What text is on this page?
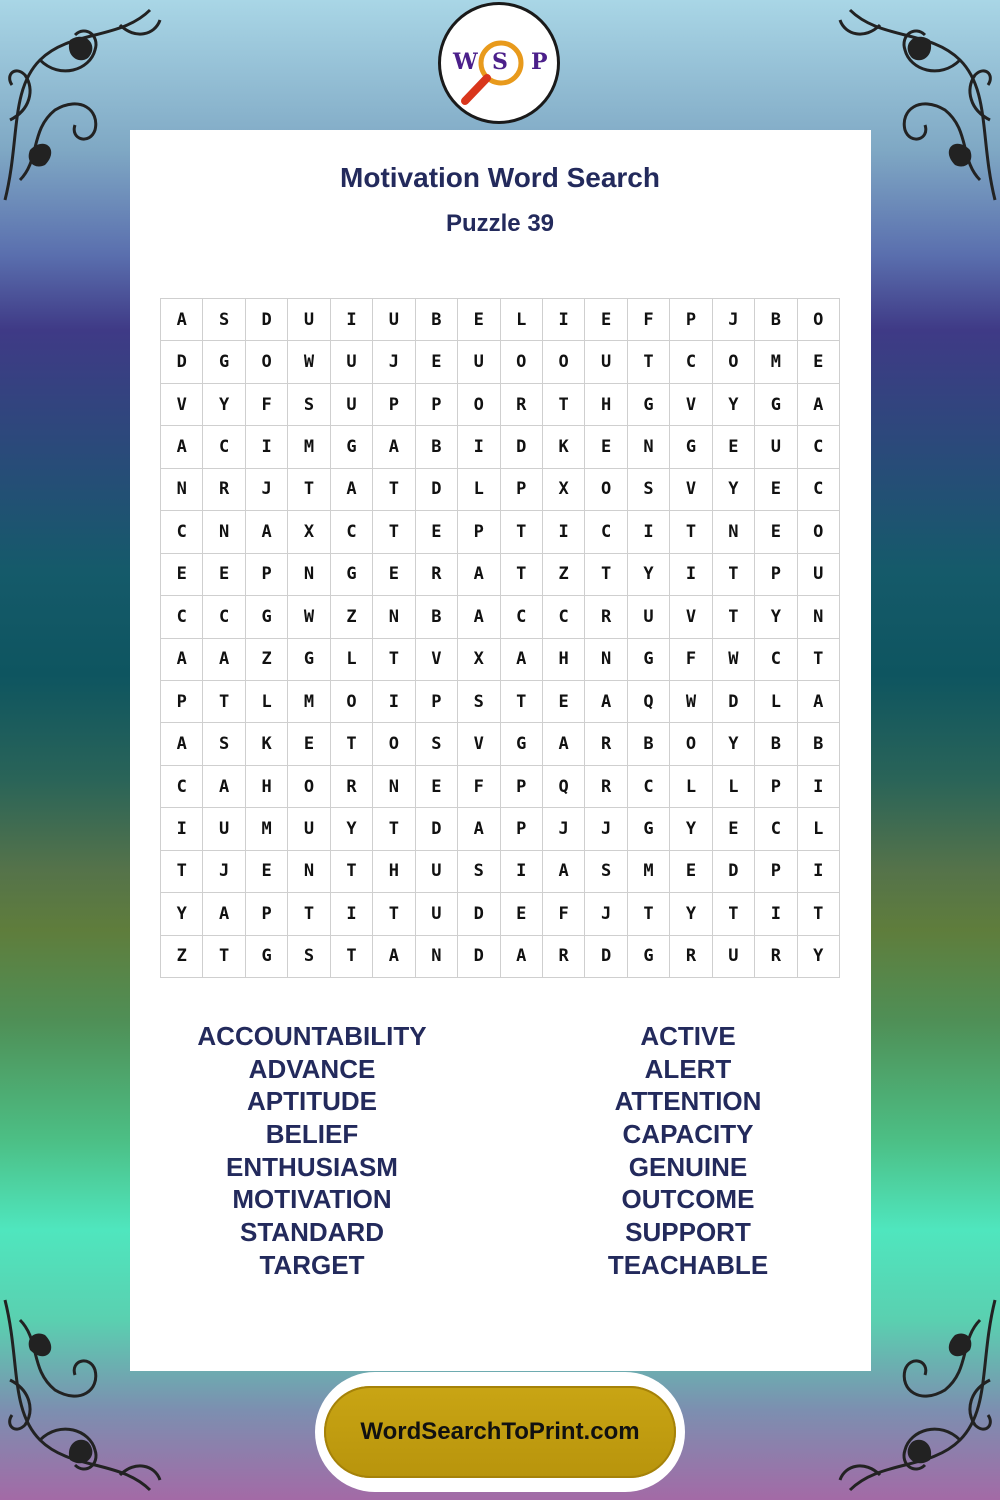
W S P
Motivation Word Search
Puzzle 39
A	S	D	U	I	U	B	E	L	I	E	F	P	J	B	O
D	G	O	W	U	J	E	U	O	O	U	T	C	O	M	E
V	Y	F	S	U	P	P	O	R	T	H	G	V	Y	G	A
A	C	I	M	G	A	B	I	D	K	E	N	G	E	U	C
N	R	J	T	A	T	D	L	P	X	O	S	V	Y	E	C
C	N	A	X	C	T	E	P	T	I	C	I	T	N	E	O
E	E	P	N	G	E	R	A	T	Z	T	Y	I	T	P	U
C	C	G	W	Z	N	B	A	C	C	R	U	V	T	Y	N
A	A	Z	G	L	T	V	X	A	H	N	G	F	W	C	T
P	T	L	M	O	I	P	S	T	E	A	Q	W	D	L	A
A	S	K	E	T	O	S	V	G	A	R	B	O	Y	B	B
C	A	H	O	R	N	E	F	P	Q	R	C	L	L	P	I
I	U	M	U	Y	T	D	A	P	J	J	G	Y	E	C	L
T	J	E	N	T	H	U	S	I	A	S	M	E	D	P	I
Y	A	P	T	I	T	U	D	E	F	J	T	Y	T	I	T
Z	T	G	S	T	A	N	D	A	R	D	G	R	U	R	Y
ACCOUNTABILITY
ADVANCE
APTITUDE
BELIEF
ENTHUSIASM
MOTIVATION
STANDARD
TARGET
ACTIVE
ALERT
ATTENTION
CAPACITY
GENUINE
OUTCOME
SUPPORT
TEACHABLE
WordSearchToPrint.com
